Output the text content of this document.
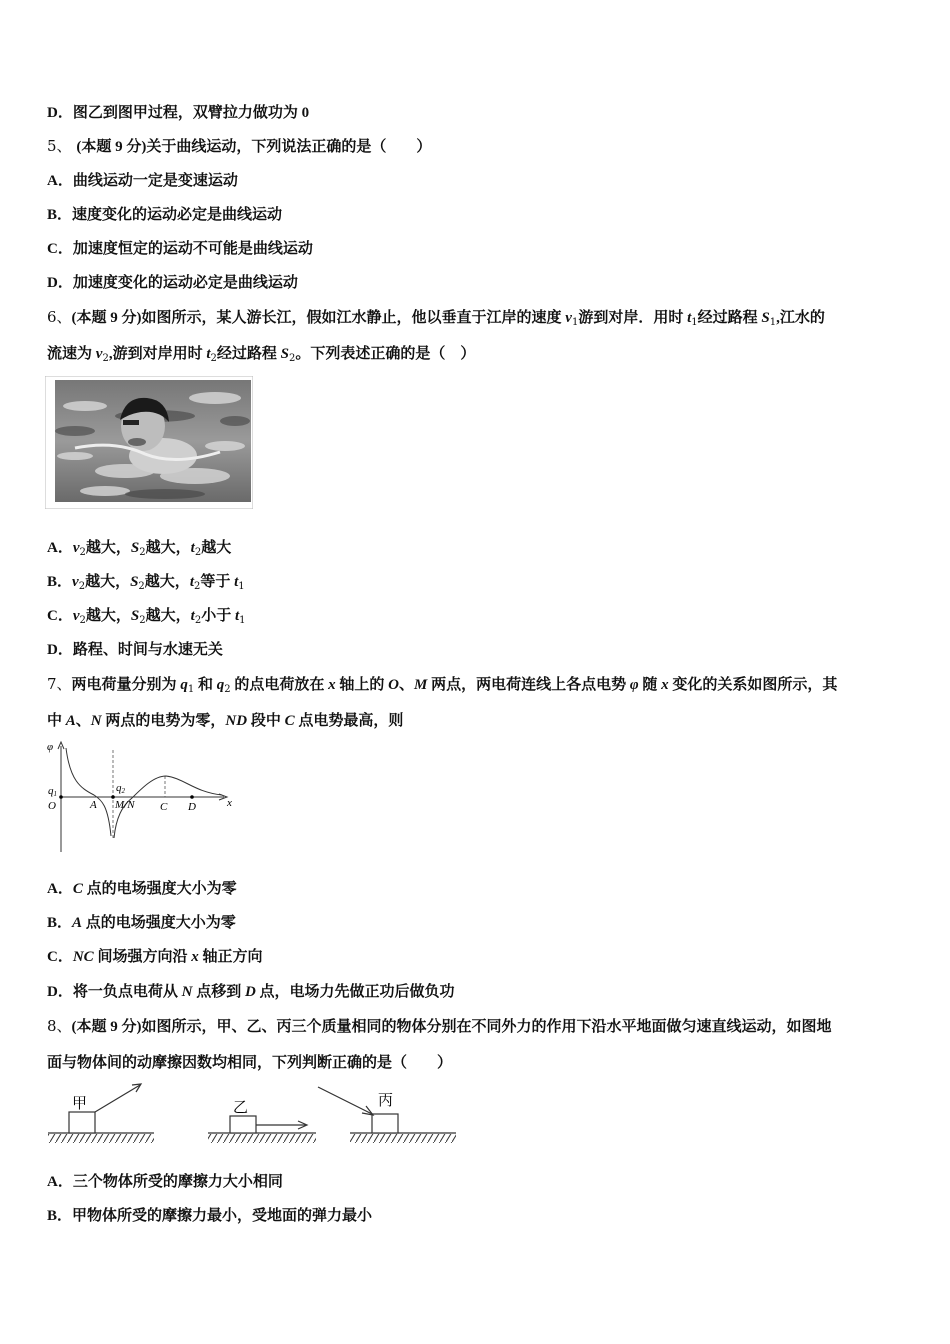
D．图乙到图甲过程，双臂拉力做功为 0
5、 (本题 9 分)关于曲线运动，下列说法正确的是（　　）
A．曲线运动一定是变速运动
B．速度变化的运动必定是曲线运动
C．加速度恒定的运动不可能是曲线运动
D．加速度变化的运动必定是曲线运动
6、(本题 9 分)如图所示，某人游长江，假如江水静止，他以垂直于江岸的速度 $v_1$游到对岸．用时 $t_1$经过路程 $S_1$,江水的
流速为 $v_2$,游到对岸用时 $t_2$经过路程 $S_2$。下列表述正确的是（　）
A．$v_2$越大，$S_2$越大，$t_2$越大
B．$v_2$越大，$S_2$越大，$t_2$等于 $t_1$
C．$v_2$越大，$S_2$越大，$t_2$小于 $t_1$
D．路程、时间与水速无关
7、两电荷量分别为 $q_1$ 和 $q_2$ 的点电荷放在 x 轴上的 O、M 两点，两电荷连线上各点电势 φ 随 x 变化的关系如图所示，其
中 A、N 两点的电势为零，ND 段中 C 点电势最高，则
φ
q1	q2
O	A M/N C D	x
A．C 点的电场强度大小为零
B．A 点的电场强度大小为零
C．NC 间场强方向沿 x 轴正方向
D．将一负点电荷从 N 点移到 D 点，电场力先做正功后做负功
8、(本题 9 分)如图所示，甲、乙、丙三个质量相同的物体分别在不同外力的作用下沿水平地面做匀速直线运动，如图地
面与物体间的动摩擦因数均相同，下列判断正确的是（　　）
甲	乙	丙
A．三个物体所受的摩擦力大小相同
B．甲物体所受的摩擦力最小，受地面的弹力最小
